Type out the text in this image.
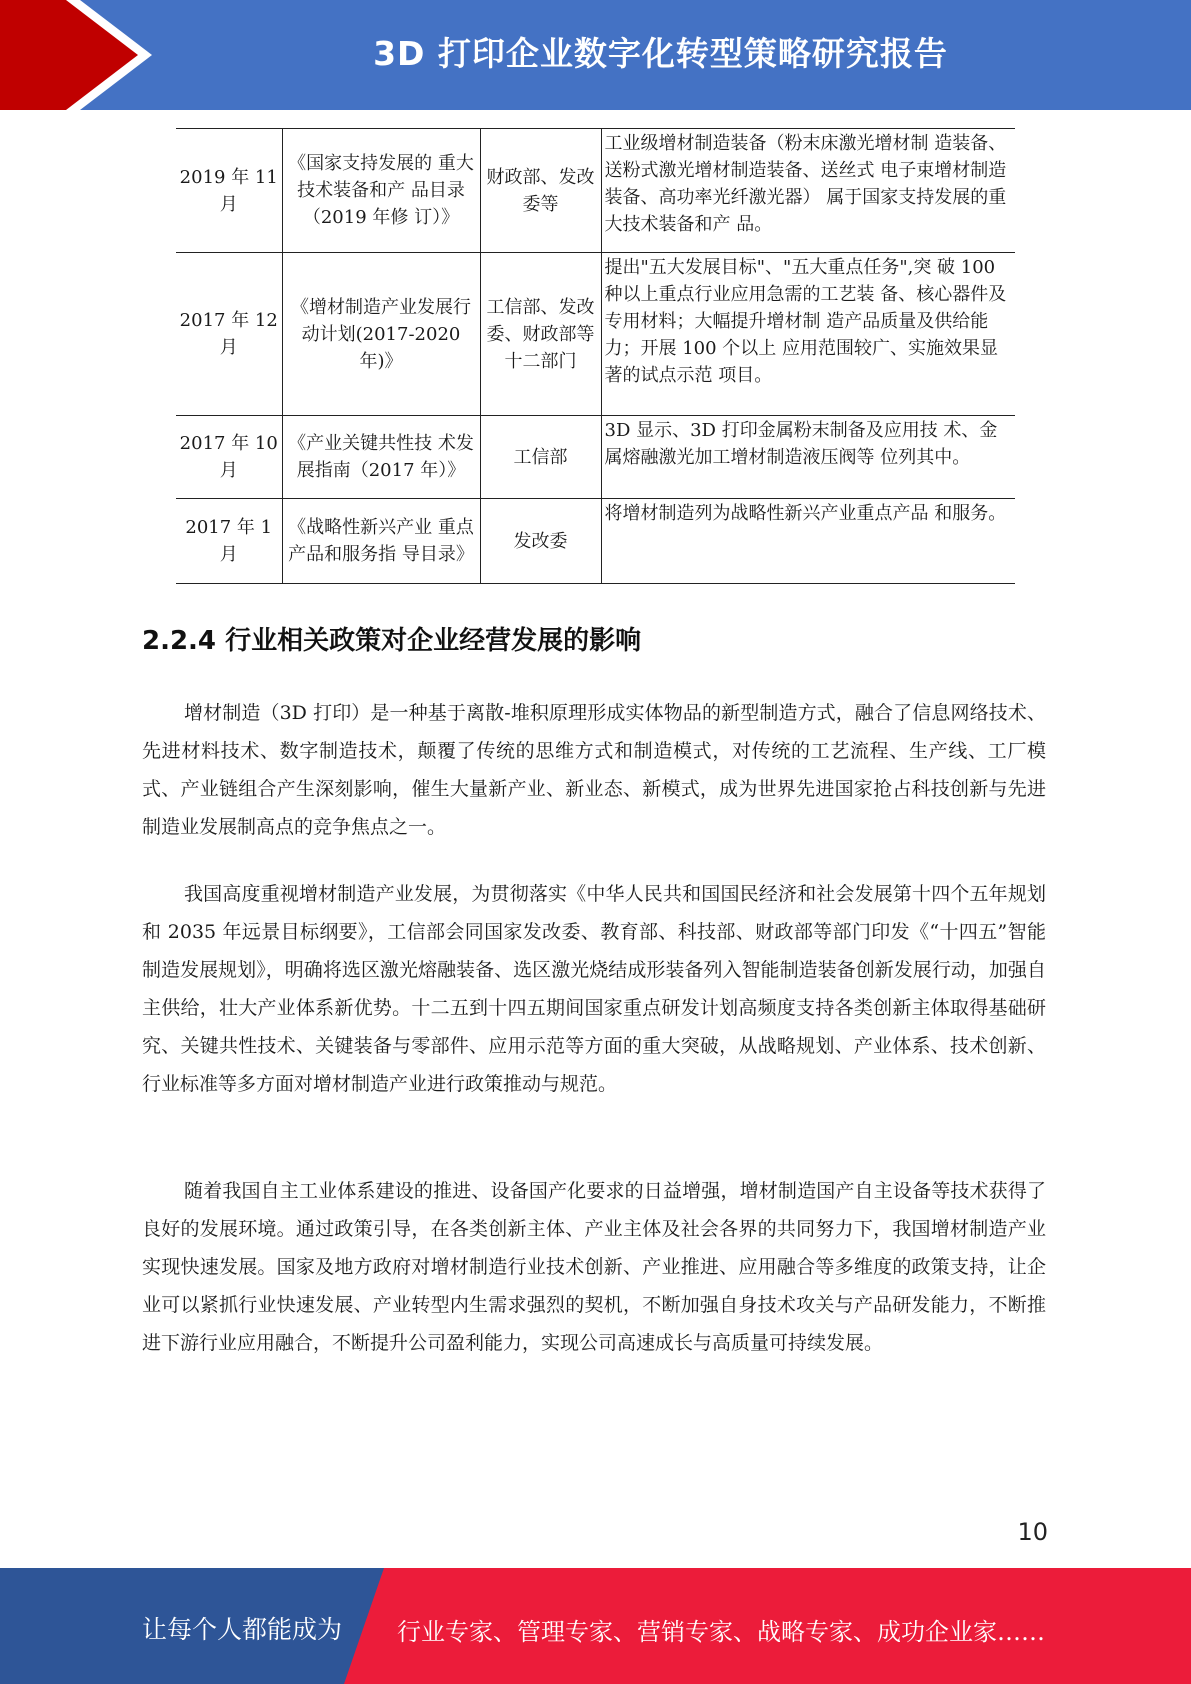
3D 打印企业数字化转型策略研究报告
2019 年 11 月	《国家支持发展的 重大技术装备和产 品目录（2019 年修 订）》	财政部、发改委等	工业级增材制造装备（粉末床激光增材制 造装备、送粉式激光增材制造装备、送丝式 电子束增材制造装备、高功率光纤激光器） 属于国家支持发展的重大技术装备和产 品。
2017 年 12 月	《增材制造产业发展行动计划(2017-2020 年)》	工信部、发改委、财政部等十二部门	提出"五大发展目标"、"五大重点任务",突 破 100 种以上重点行业应用急需的工艺装 备、核心器件及专用材料；大幅提升增材制 造产品质量及供给能力；开展 100 个以上 应用范围较广、实施效果显著的试点示范 项目。
2017 年 10 月	《产业关键共性技 术发展指南（2017 年）》	工信部	3D 显示、3D 打印金属粉末制备及应用技 术、金属熔融激光加工增材制造液压阀等 位列其中。
2017 年 1 月	《战略性新兴产业 重点产品和服务指 导目录》	发改委	将增材制造列为战略性新兴产业重点产品 和服务。
2.2.4 行业相关政策对企业经营发展的影响

增材制造（3D 打印）是一种基于离散-堆积原理形成实体物品的新型制造方式，融合了信息网络技术、先进材料技术、数字制造技术，颠覆了传统的思维方式和制造模式，对传统的工艺流程、生产线、工厂模式、产业链组合产生深刻影响，催生大量新产业、新业态、新模式，成为世界先进国家抢占科技创新与先进制造业发展制高点的竞争焦点之一。

我国高度重视增材制造产业发展，为贯彻落实《中华人民共和国国民经济和社会发展第十四个五年规划和 2035 年远景目标纲要》，工信部会同国家发改委、教育部、科技部、财政部等部门印发《“十四五”智能制造发展规划》，明确将选区激光熔融装备、选区激光烧结成形装备列入智能制造装备创新发展行动，加强自主供给，壮大产业体系新优势。十二五到十四五期间国家重点研发计划高频度支持各类创新主体取得基础研究、关键共性技术、关键装备与零部件、应用示范等方面的重大突破，从战略规划、产业体系、技术创新、行业标准等多方面对增材制造产业进行政策推动与规范。

随着我国自主工业体系建设的推进、设备国产化要求的日益增强，增材制造国产自主设备等技术获得了良好的发展环境。通过政策引导，在各类创新主体、产业主体及社会各界的共同努力下，我国增材制造产业实现快速发展。国家及地方政府对增材制造行业技术创新、产业推进、应用融合等多维度的政策支持，让企业可以紧抓行业快速发展、产业转型内生需求强烈的契机，不断加强自身技术攻关与产品研发能力，不断推进下游行业应用融合，不断提升公司盈利能力，实现公司高速成长与高质量可持续发展。

10
让每个人都能成为 行业专家、管理专家、营销专家、战略专家、成功企业家……
